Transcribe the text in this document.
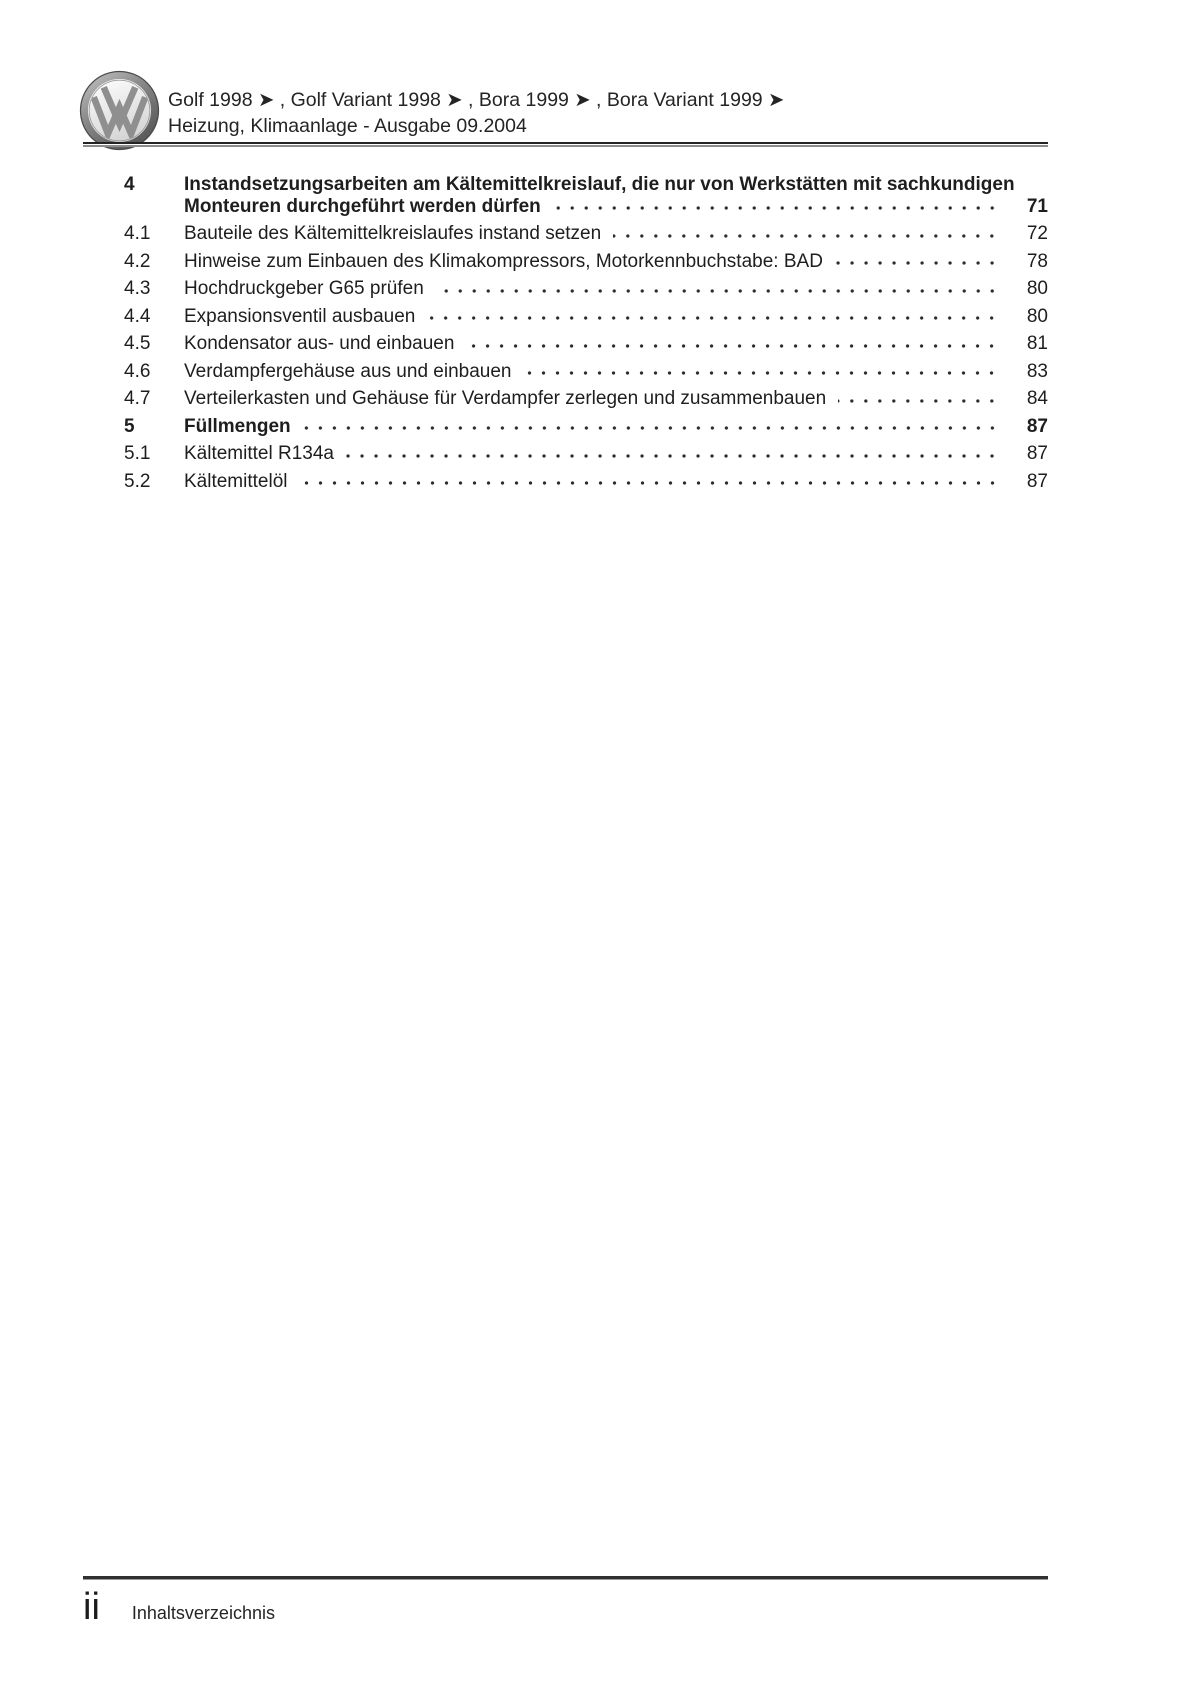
Golf 1998 ➤ , Golf Variant 1998 ➤ , Bora 1999 ➤ , Bora Variant 1999 ➤
Heizung, Klimaanlage - Ausgabe 09.2004
4	Instandsetzungsarbeiten am Kältemittelkreislauf, die nur von Werkstätten mit sachkundigen
Monteuren durchgeführt werden dürfen	71
4.1	Bauteile des Kältemittelkreislaufes instand setzen	72
4.2	Hinweise zum Einbauen des Klimakompressors, Motorkennbuchstabe: BAD	78
4.3	Hochdruckgeber G65 prüfen	80
4.4	Expansionsventil ausbauen	80
4.5	Kondensator aus- und einbauen	81
4.6	Verdampfergehäuse aus und einbauen	83
4.7	Verteilerkasten und Gehäuse für Verdampfer zerlegen und zusammenbauen	84
5	Füllmengen	87
5.1	Kältemittel R134a	87
5.2	Kältemittelöl	87
ii Inhaltsverzeichnis
